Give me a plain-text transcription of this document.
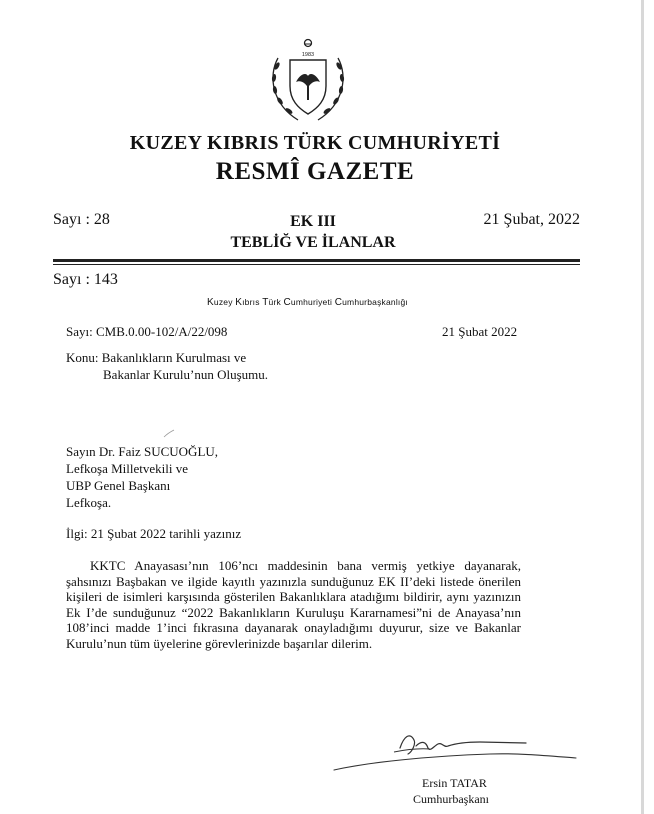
1983
KUZEY KIBRIS TÜRK CUMHURİYETİ
RESMÎ GAZETE
Sayı : 28	EK III
TEBLİĞ VE İLANLAR
21 Şubat, 2022
Sayı : 143
Kuzey Kıbrıs Türk Cumhuriyeti Cumhurbaşkanlığı
Sayı: CMB.0.00-102/A/22/098	21 Şubat 2022
Konu: Bakanlıkların Kurulması ve
Bakanlar Kurulu’nun Oluşumu.
Sayın Dr. Faiz SUCUOĞLU,
Lefkoşa Milletvekili ve
UBP Genel Başkanı
Lefkoşa.
İlgi: 21 Şubat 2022 tarihli yazınız
KKTC Anayasası’nın 106’ncı maddesinin bana vermiş yetkiye dayanarak, şahsınızı Başbakan ve ilgide kayıtlı yazınızla sunduğunuz EK II’deki listede önerilen kişileri de isimleri karşısında gösterilen Bakanlıklara atadığımı bildirir, aynı yazınızın Ek I’de sunduğunuz “2022 Bakanlıkların Kuruluşu Kararnamesi”ni de Anayasa’nın 108’inci madde 1’inci fıkrasına dayanarak onayladığımı duyurur, size ve Bakanlar Kurulu’nun tüm üyelerine görevlerinizde başarılar dilerim.
Ersin TATAR
Cumhurbaşkanı
